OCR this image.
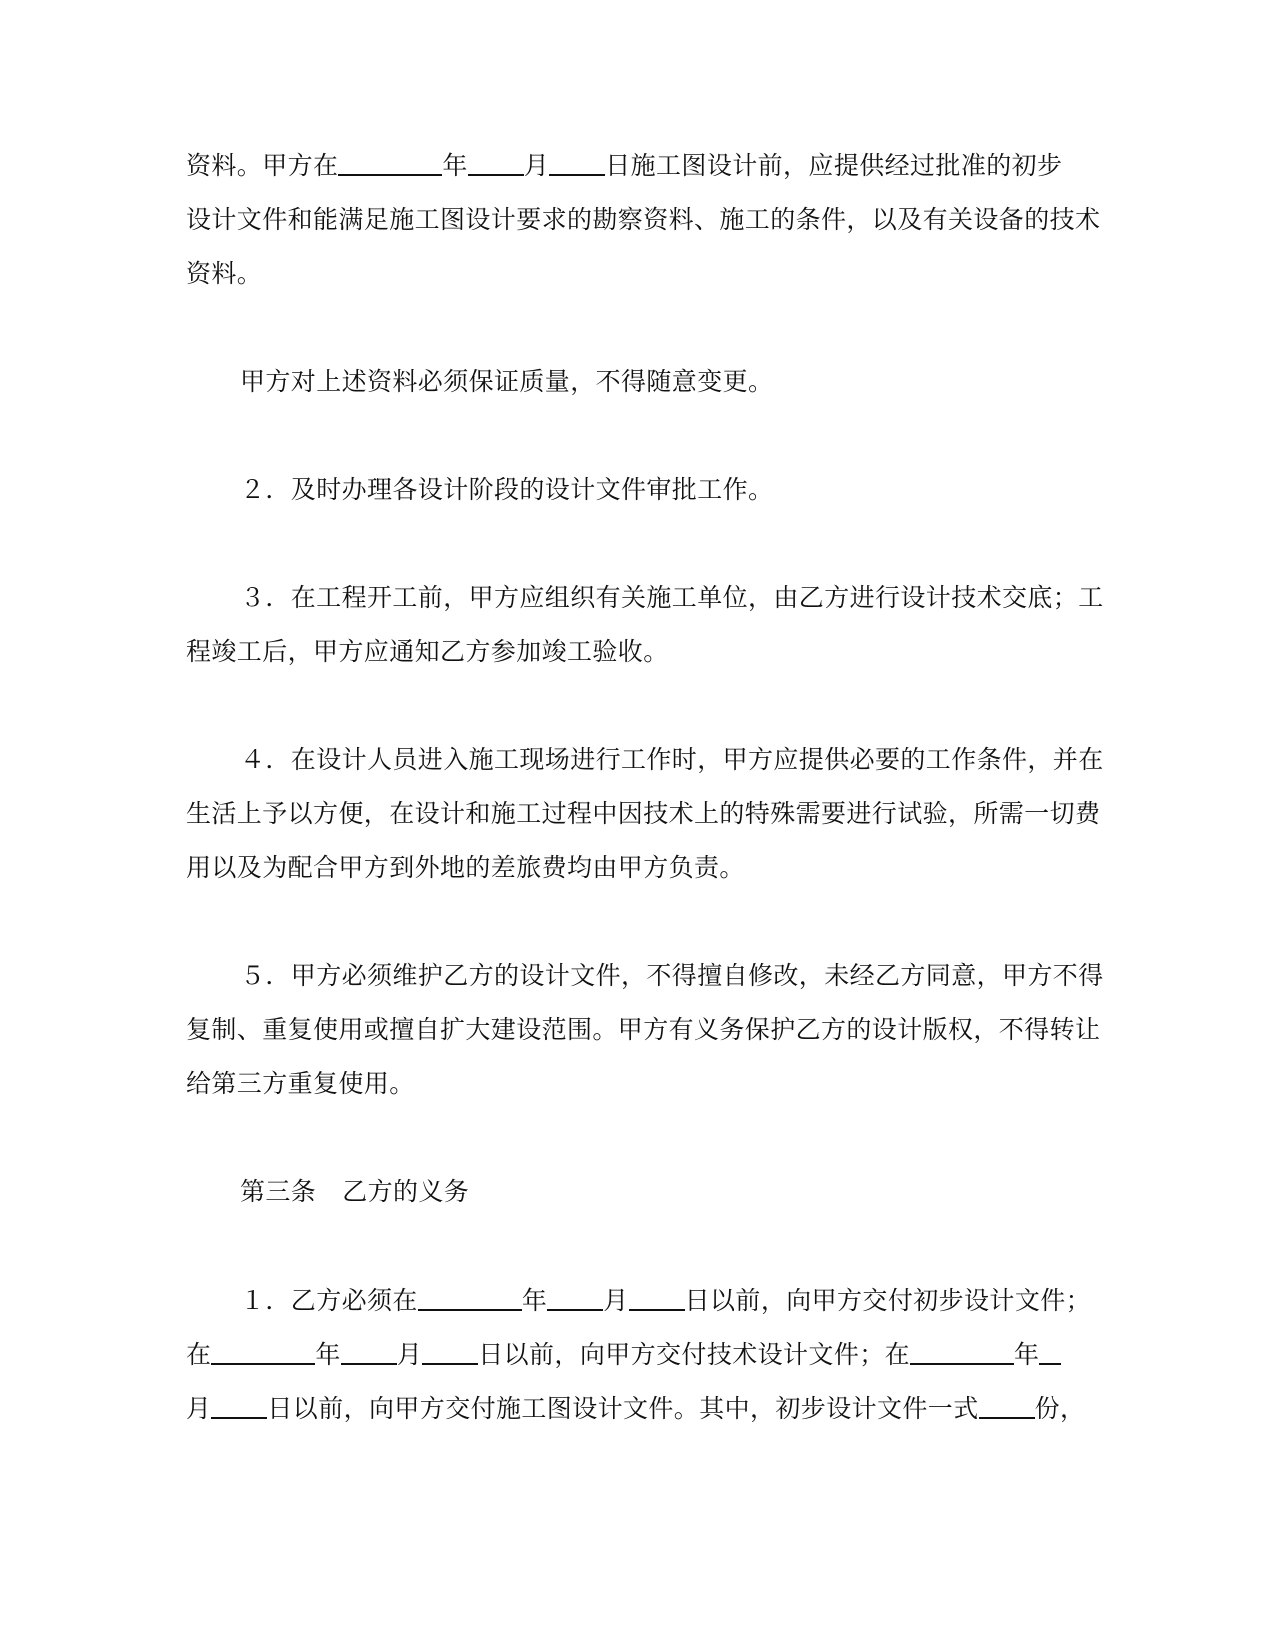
资料。甲方在	年 月 日施工图设计前，应提供经过批准的初步
设计文件和能满足施工图设计要求的勘察资料、施工的条件，以及有关设备的技术
资料。
甲方对上述资料必须保证质量，不得随意变更。
２．及时办理各设计阶段的设计文件审批工作。
３．在工程开工前，甲方应组织有关施工单位，由乙方进行设计技术交底；工
程竣工后，甲方应通知乙方参加竣工验收。
４．在设计人员进入施工现场进行工作时，甲方应提供必要的工作条件，并在
生活上予以方便，在设计和施工过程中因技术上的特殊需要进行试验，所需一切费
用以及为配合甲方到外地的差旅费均由甲方负责。
５．甲方必须维护乙方的设计文件，不得擅自修改，未经乙方同意，甲方不得
复制、重复使用或擅自扩大建设范围。甲方有义务保护乙方的设计版权，不得转让
给第三方重复使用。
第三条 乙方的义务
１．乙方必须在	年 月 日以前，向甲方交付初步设计文件；
在	年 月 日以前，向甲方交付技术设计文件；在	年
月 日以前，向甲方交付施工图设计文件。其中，初步设计文件一式 份，
